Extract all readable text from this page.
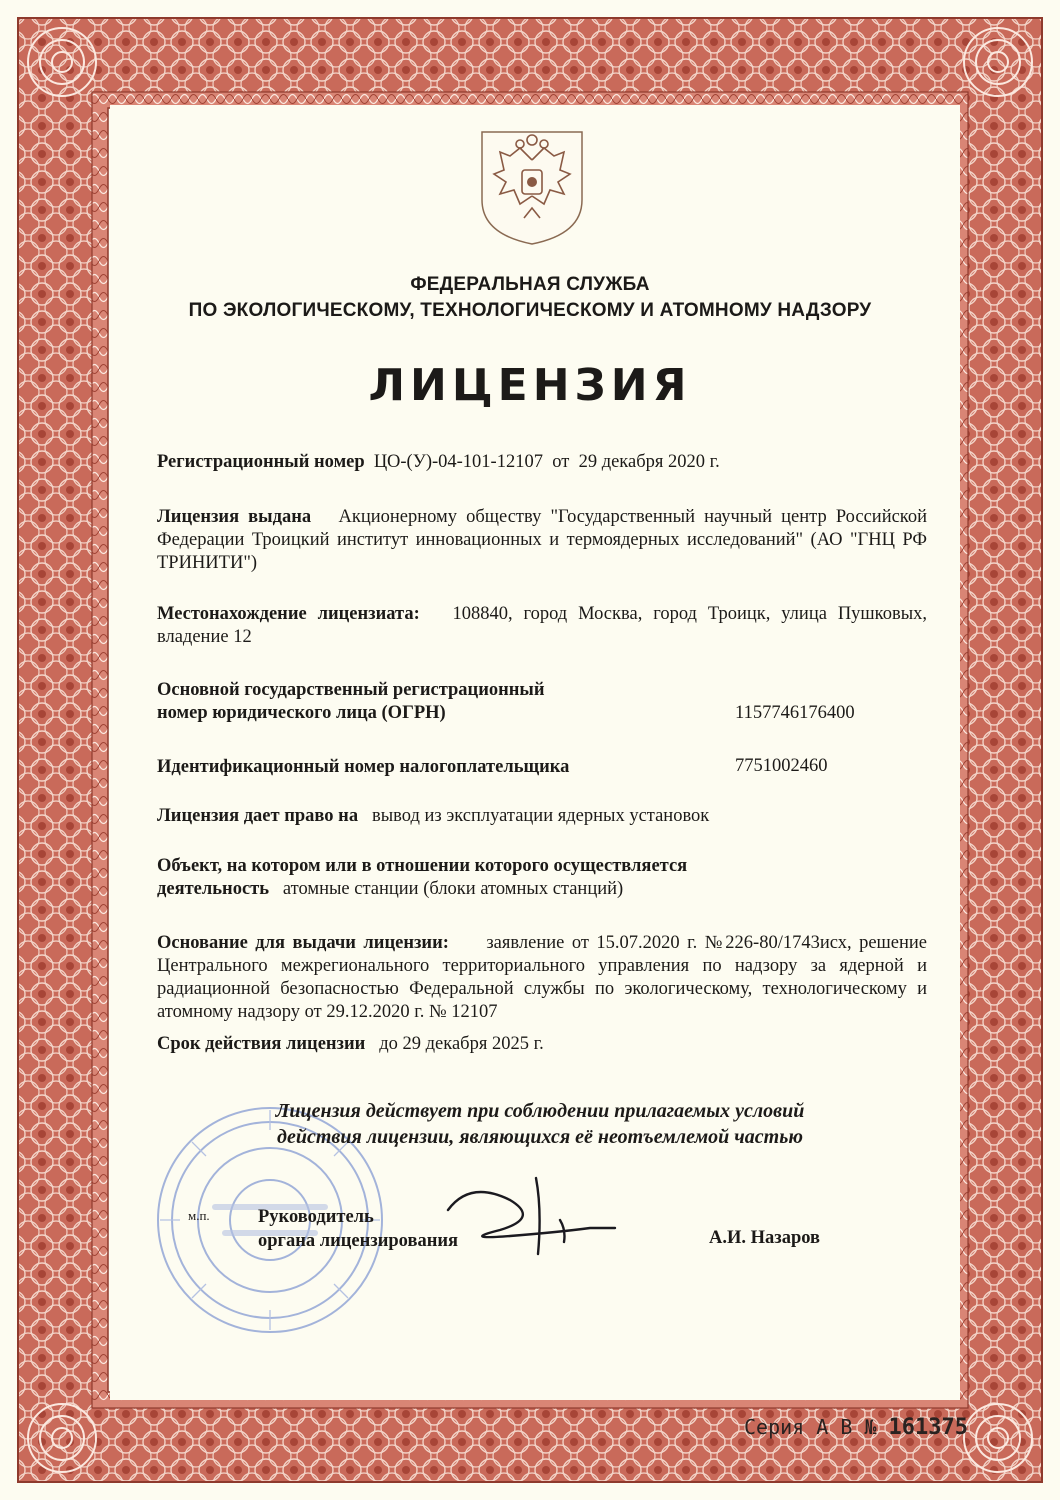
ФЕДЕРАЛЬНАЯ СЛУЖБА
ПО ЭКОЛОГИЧЕСКОМУ, ТЕХНОЛОГИЧЕСКОМУ И АТОМНОМУ НАДЗОРУ
ЛИЦЕНЗИЯ
Регистрационный номер ЦО-(У)-04-101-12107 от 29 декабря 2020 г.
Лицензия выдана Акционерному обществу "Государственный научный центр Российской Федерации Троицкий институт инновационных и термоядерных исследований" (АО "ГНЦ РФ ТРИНИТИ")
Местонахождение лицензиата: 108840, город Москва, город Троицк, улица Пушковых, владение 12
Основной государственный регистрационный
номер юридического лица (ОГРН)	1157746176400
Идентификационный номер налогоплательщика	7751002460
Лицензия дает право на вывод из эксплуатации ядерных установок
Объект, на котором или в отношении которого осуществляется
деятельность атомные станции (блоки атомных станций)
Основание для выдачи лицензии: заявление от 15.07.2020 г. №226-80/1743исх, решение Центрального межрегионального территориального управления по надзору за ядерной и радиационной безопасностью Федеральной службы по экологическому, технологическому и атомному надзору от 29.12.2020 г. № 12107
Срок действия лицензии до 29 декабря 2025 г.
Лицензия действует при соблюдении прилагаемых условий
действия лицензии, являющихся её неотъемлемой частью
м.п.	Руководитель
органа лицензирования	А.И. Назаров
Серия А В № 161375
